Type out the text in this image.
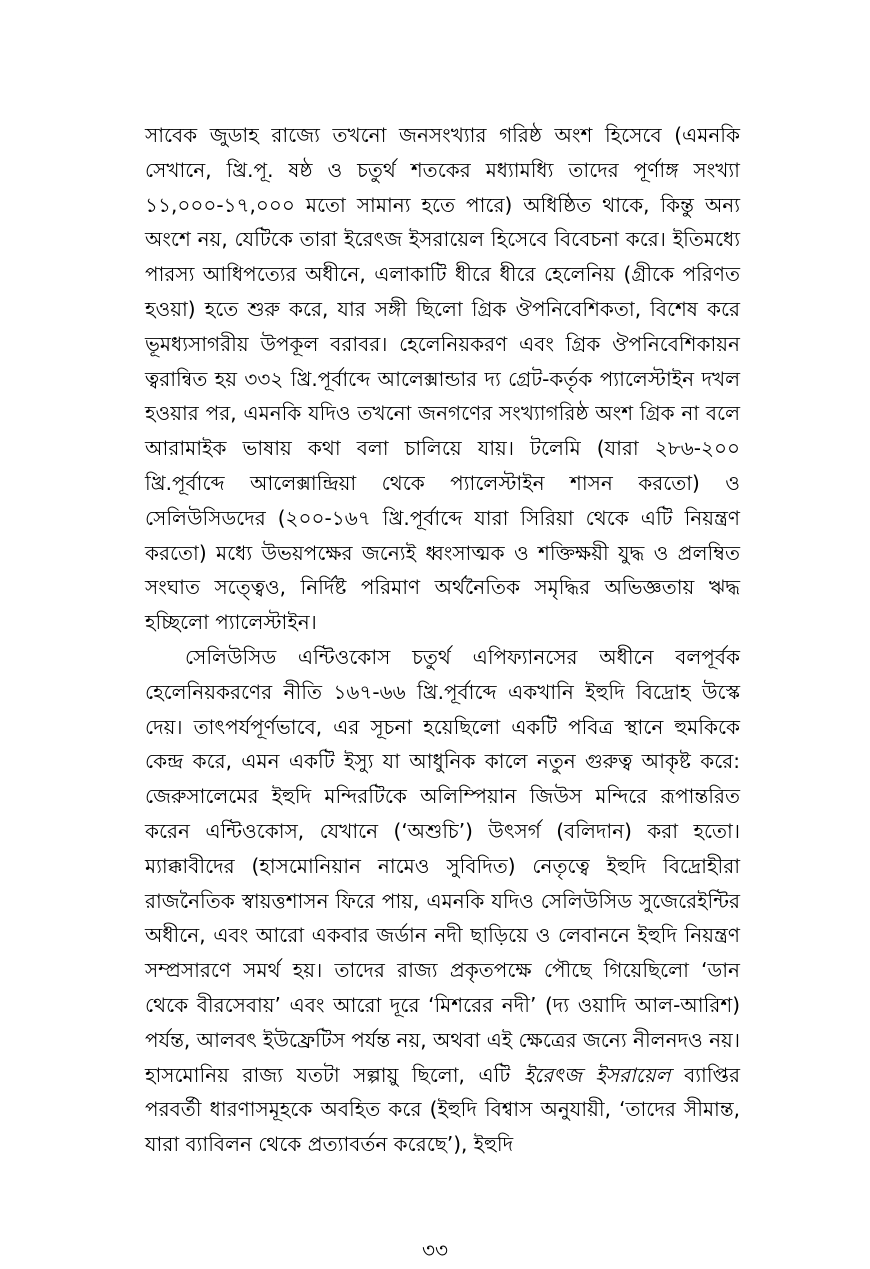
সাবেক জুডাহ রাজ্যে তখনো জনসংখ্যার গরিষ্ঠ অংশ হিসেবে (এমনকি সেখানে, খ্রি.পূ. ষষ্ঠ ও চতুর্থ শতকের মধ্যামধ্যি তাদের পূর্ণাঙ্গ সংখ্যা ১১,০০০-১৭,০০০ মতো সামান্য হতে পারে) অধিষ্ঠিত থাকে, কিন্তু অন্য অংশে নয়, যেটিকে তারা ইরেৎজ ইসরায়েল হিসেবে বিবেচনা করে। ইতিমধ্যে পারস্য আধিপত্যের অধীনে, এলাকাটি ধীরে ধীরে হেলেনিয় (গ্রীকে পরিণত হওয়া) হতে শুরু করে, যার সঙ্গী ছিলো গ্রিক ঔপনিবেশিকতা, বিশেষ করে ভূমধ্যসাগরীয় উপকূল বরাবর। হেলেনিয়করণ এবং গ্রিক ঔপনিবেশিকায়ন ত্বরান্বিত হয় ৩৩২ খ্রি.পূর্বাব্দে আলেক্সান্ডার দ্য গ্রেট-কর্তৃক প্যালেস্টাইন দখল হওয়ার পর, এমনকি যদিও তখনো জনগণের সংখ্যাগরিষ্ঠ অংশ গ্রিক না বলে আরামাইক ভাষায় কথা বলা চালিয়ে যায়। টলেমি (যারা ২৮৬-২০০ খ্রি.পূর্বাব্দে আলেক্সান্দ্রিয়া থেকে প্যালেস্টাইন শাসন করতো) ও সেলিউসিডদের (২০০-১৬৭ খ্রি.পূর্বাব্দে যারা সিরিয়া থেকে এটি নিয়ন্ত্রণ করতো) মধ্যে উভয়পক্ষের জন্যেই ধ্বংসাত্মক ও শক্তিক্ষয়ী যুদ্ধ ও প্রলম্বিত সংঘাত সত্ত্বেও, নির্দিষ্ট পরিমাণ অর্থনৈতিক সমৃদ্ধির অভিজ্ঞতায় ঋদ্ধ হচ্ছিলো প্যালেস্টাইন।

সেলিউসিড এন্টিওকোস চতুর্থ এপিফ্যানসের অধীনে বলপূর্বক হেলেনিয়করণের নীতি ১৬৭-৬৬ খ্রি.পূর্বাব্দে একখানি ইহুদি বিদ্রোহ উস্কে দেয়। তাৎপর্যপূর্ণভাবে, এর সূচনা হয়েছিলো একটি পবিত্র স্থানে হুমকিকে কেন্দ্র করে, এমন একটি ইস্যু যা আধুনিক কালে নতুন গুরুত্ব আকৃষ্ট করে: জেরুসালেমের ইহুদি মন্দিরটিকে অলিম্পিয়ান জিউস মন্দিরে রূপান্তরিত করেন এন্টিওকোস, যেখানে (‘অশুচি’) উৎসর্গ (বলিদান) করা হতো। ম্যাক্কাবীদের (হাসমোনিয়ান নামেও সুবিদিত) নেতৃত্বে ইহুদি বিদ্রোহীরা রাজনৈতিক স্বায়ত্তশাসন ফিরে পায়, এমনকি যদিও সেলিউসিড সুজেরেইন্টির অধীনে, এবং আরো একবার জর্ডান নদী ছাড়িয়ে ও লেবাননে ইহুদি নিয়ন্ত্রণ সম্প্রসারণে সমর্থ হয়। তাদের রাজ্য প্রকৃতপক্ষে পৌছে গিয়েছিলো ‘ডান থেকে বীরসেবায়’ এবং আরো দূরে ‘মিশরের নদী’ (দ্য ওয়াদি আল-আরিশ) পর্যন্ত, আলবৎ ইউফ্রেটিস পর্যন্ত নয়, অথবা এই ক্ষেত্রের জন্যে নীলনদও নয়। হাসমোনিয় রাজ্য যতটা সল্পায়ু ছিলো, এটি ইরেৎজ ইসরায়েল ব্যাপ্তির পরবর্তী ধারণাসমূহকে অবহিত করে (ইহুদি বিশ্বাস অনুযায়ী, ‘তাদের সীমান্ত, যারা ব্যাবিলন থেকে প্রত্যাবর্তন করেছে’), ইহুদি

৩৩
